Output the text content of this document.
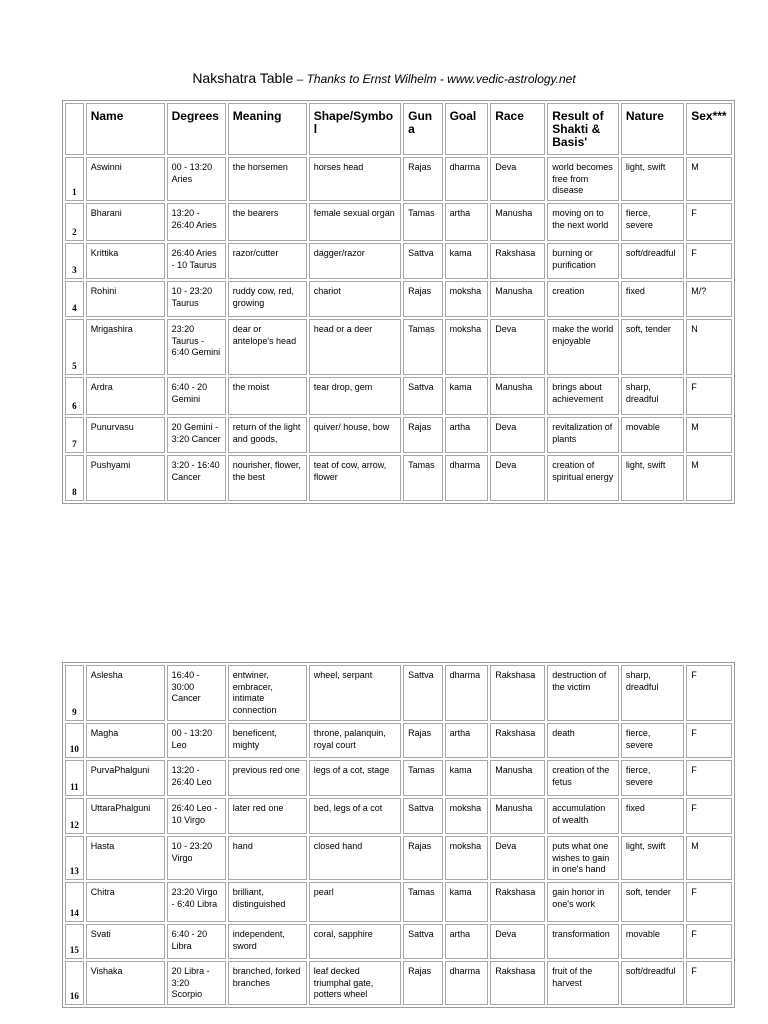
Nakshatra Table – Thanks to Ernst Wilhelm - www.vedic-astrology.net
	Name	Degrees	Meaning	Shape/Symbol	Guna	Goal	Race	Result of Shakti & Basis'	Nature	Sex***
1	Aswinni	00 - 13:20 Aries	the horsemen	horses head	Rajas	dharma	Deva	world becomes free from disease	light, swift	M
2	Bharani	13:20 - 26:40 Aries	the bearers	female sexual organ	Tamas	artha	Manusha	moving on to the next world	fierce, severe	F
3	Krittika	26:40 Aries - 10 Taurus	razor/cutter	dagger/razor	Sattva	kama	Rakshasa	burning or purification	soft/dreadful	F
4	Rohini	10 - 23:20 Taurus	ruddy cow, red, growing	chariot	Rajas	moksha	Manusha	creation	fixed	M/?
5	Mrigashira	23:20 Taurus - 6:40 Gemini	dear or antelope's head	head or a deer	Tamas	moksha	Deva	make the world enjoyable	soft, tender	N
6	Ardra	6:40 - 20 Gemini	the moist	tear drop, gem	Sattva	kama	Manusha	brings about achievement	sharp, dreadful	F
7	Punurvasu	20 Gemini - 3:20 Cancer	return of the light and goods,	quiver/ house, bow	Rajas	artha	Deva	revitalization of plants	movable	M
8	Pushyami	3:20 - 16:40 Cancer	nourisher, flower, the best	teat of cow, arrow, flower	Tamas	dharma	Deva	creation of spiritual energy	light, swift	M
9	Aslesha	16:40 - 30:00 Cancer	entwiner, embracer, intimate connection	wheel, serpant	Sattva	dharma	Rakshasa	destruction of the victim	sharp, dreadful	F
10	Magha	00 - 13:20 Leo	beneficent, mighty	throne, palanquin, royal court	Rajas	artha	Rakshasa	death	fierce, severe	F
11	PurvaPhalguni	13:20 - 26:40 Leo	previous red one	legs of a cot, stage	Tamas	kama	Manusha	creation of the fetus	fierce, severe	F
12	UttaraPhalguni	26:40 Leo - 10 Virgo	later red one	bed, legs of a cot	Sattva	moksha	Manusha	accumulation of wealth	fixed	F
13	Hasta	10 - 23:20 Virgo	hand	closed hand	Rajas	moksha	Deva	puts what one wishes to gain in one's hand	light, swift	M
14	Chitra	23:20 Virgo - 6:40 Libra	brilliant, distinguished	pearl	Tamas	kama	Rakshasa	gain honor in one's work	soft, tender	F
15	Svati	6:40 - 20 Libra	independent, sword	coral, sapphire	Sattva	artha	Deva	transformation	movable	F
16	Vishaka	20 Libra - 3:20 Scorpio	branched, forked branches	leaf decked triumphal gate, potters wheel	Rajas	dharma	Rakshasa	fruit of the harvest	soft/dreadful	F
